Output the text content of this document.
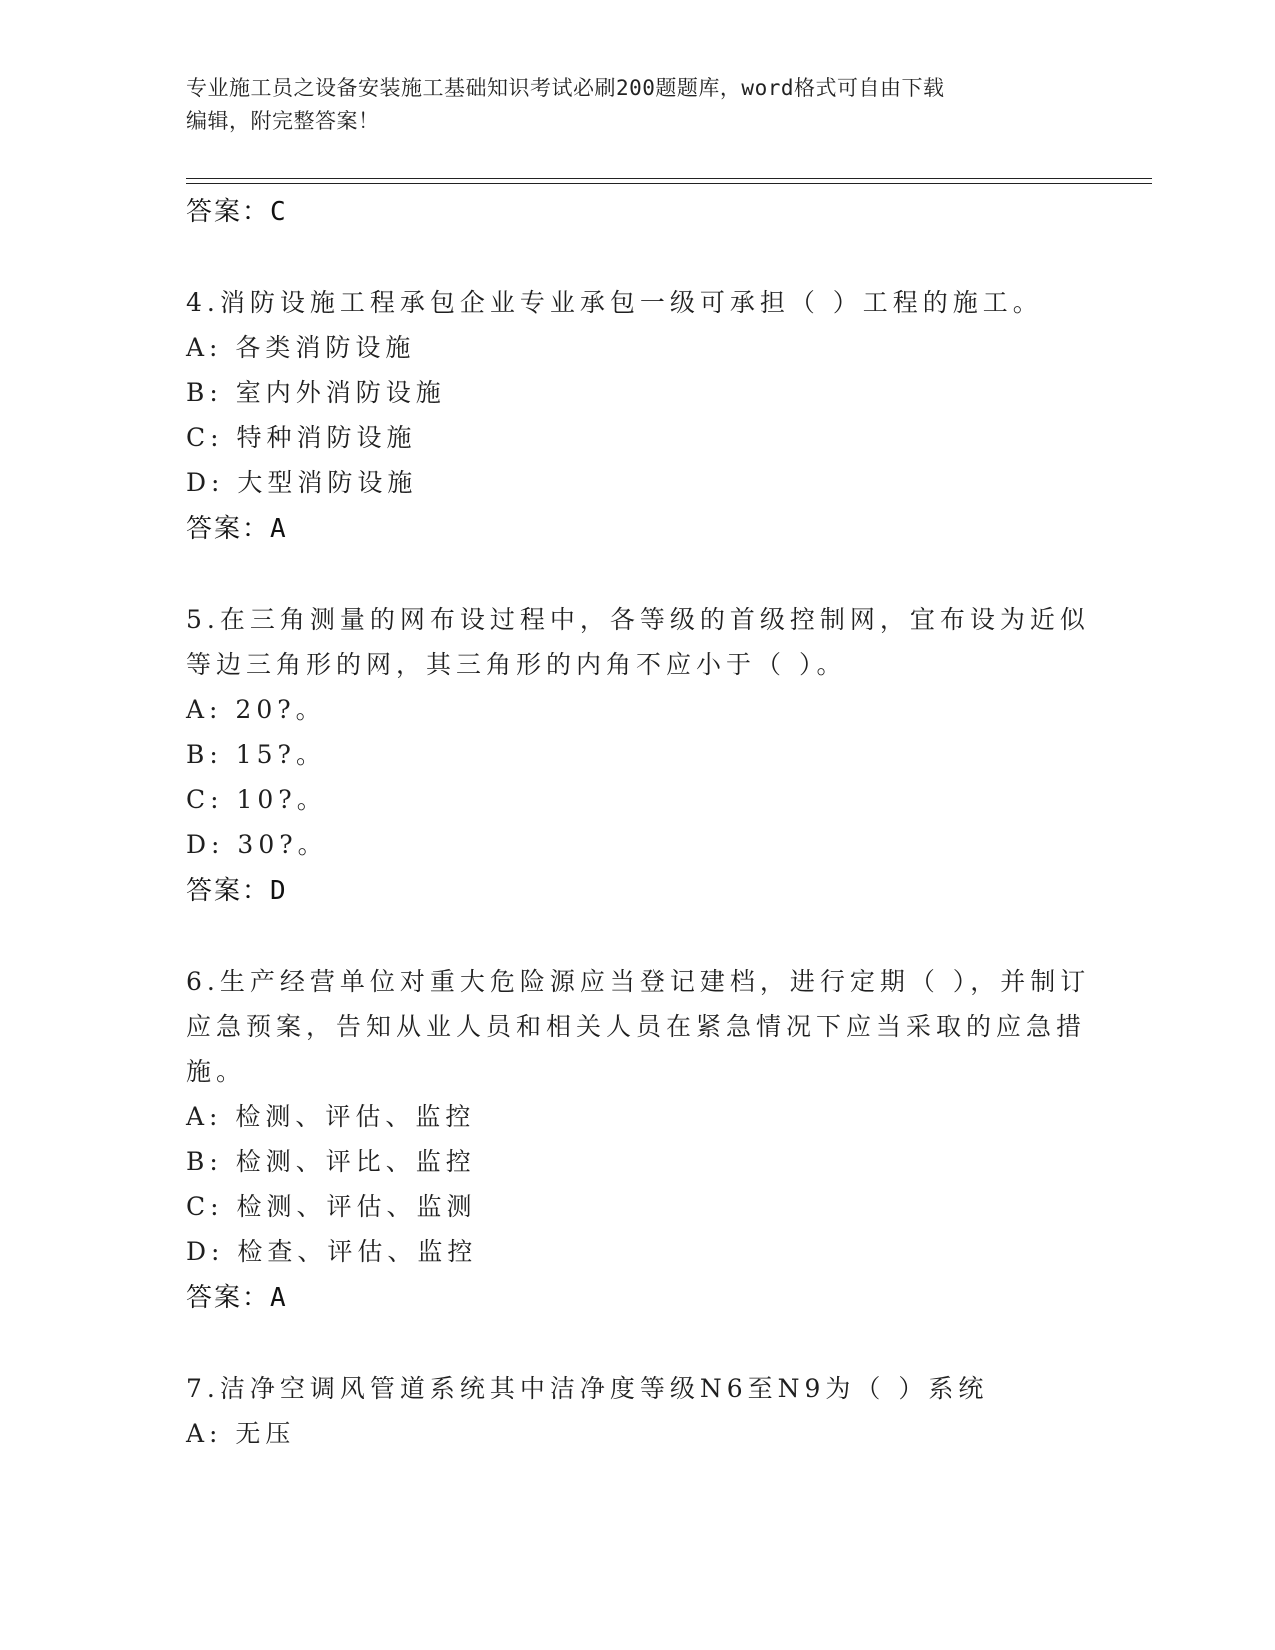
专业施工员之设备安装施工基础知识考试必刷200题题库，word格式可自由下载
编辑，附完整答案！
答案：C
4.消防设施工程承包企业专业承包一级可承担（ ）工程的施工。
A: 各类消防设施
B: 室内外消防设施
C: 特种消防设施
D: 大型消防设施
答案：A
5.在三角测量的网布设过程中，各等级的首级控制网，宜布设为近似
等边三角形的网，其三角形的内角不应小于（ ）。
A: 20?。
B: 15?。
C: 10?。
D: 30?。
答案：D
6.生产经营单位对重大危险源应当登记建档，进行定期（ ），并制订
应急预案，告知从业人员和相关人员在紧急情况下应当采取的应急措
施。
A: 检测、评估、监控
B: 检测、评比、监控
C: 检测、评估、监测
D: 检查、评估、监控
答案：A
7.洁净空调风管道系统其中洁净度等级N6至N9为（ ）系统
A: 无压
